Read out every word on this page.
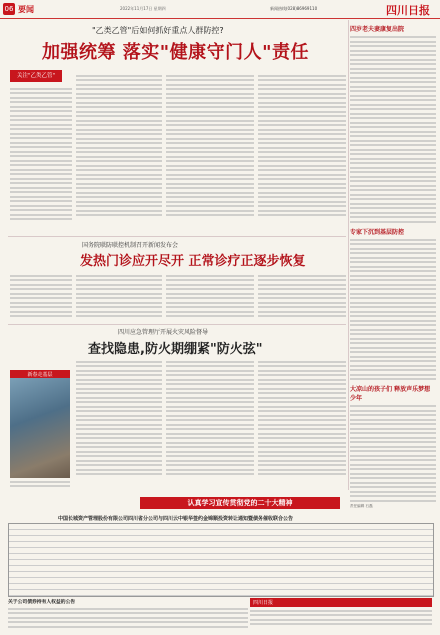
06 要闻	2022年11月17日 星期四	新闻热线(028)86969110	四川日报
"乙类乙管"后如何抓好重点人群防控?
加强统筹 落实"健康守门人"责任
关注"乙类乙管"
国务院联防联控机制召开新闻发布会
发热门诊应开尽开 正常诊疗正逐步恢复
四川应急管理厅开展火灾风险督导
查找隐患,防火期绷紧"防火弦"
新春走基层
四岁老夫妻康复出院
专家下沉到基层防控
大凉山的孩子们 释放声乐梦想少年
责任编辑 石磊
认真学习宣传贯彻党的二十大精神
中国长城资产管理股份有限公司四川省分公司与四川云中银华签约金锦顺投资转让通知暨债务催收联合公告
关于公司债券持有人权益的公告	四川日报
